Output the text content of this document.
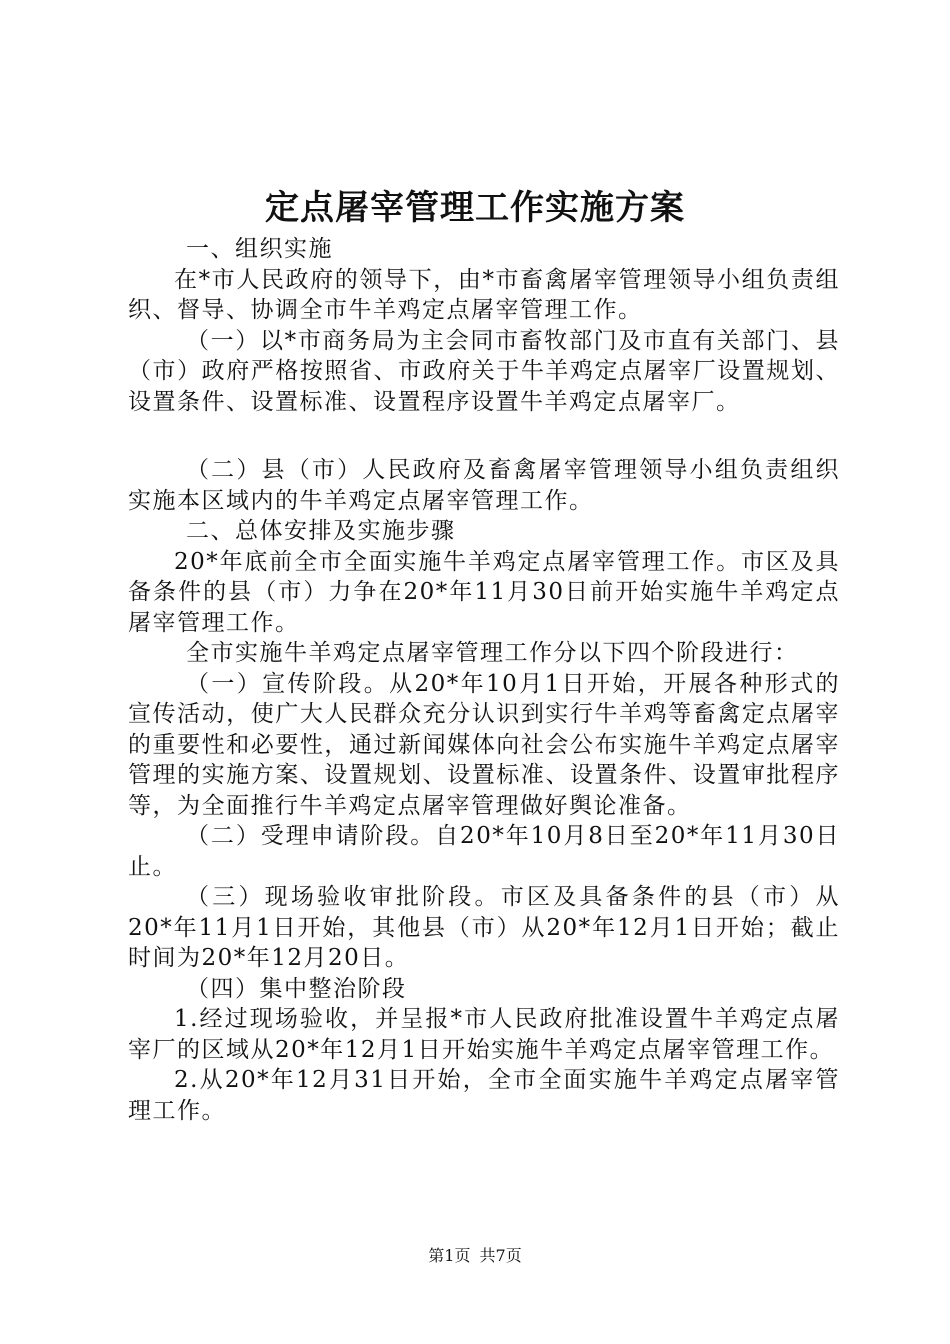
定点屠宰管理工作实施方案

一、组织实施

在*市人民政府的领导下，由*市畜禽屠宰管理领导小组负责组织、督导、协调全市牛羊鸡定点屠宰管理工作。

（一）以*市商务局为主会同市畜牧部门及市直有关部门、县（市）政府严格按照省、市政府关于牛羊鸡定点屠宰厂设置规划、设置条件、设置标准、设置程序设置牛羊鸡定点屠宰厂。

（二）县（市）人民政府及畜禽屠宰管理领导小组负责组织实施本区域内的牛羊鸡定点屠宰管理工作。

二、总体安排及实施步骤

20*年底前全市全面实施牛羊鸡定点屠宰管理工作。市区及具备条件的县（市）力争在20*年11月30日前开始实施牛羊鸡定点屠宰管理工作。

全市实施牛羊鸡定点屠宰管理工作分以下四个阶段进行：

（一）宣传阶段。从20*年10月1日开始，开展各种形式的宣传活动，使广大人民群众充分认识到实行牛羊鸡等畜禽定点屠宰的重要性和必要性，通过新闻媒体向社会公布实施牛羊鸡定点屠宰管理的实施方案、设置规划、设置标准、设置条件、设置审批程序等，为全面推行牛羊鸡定点屠宰管理做好舆论准备。

（二）受理申请阶段。自20*年10月8日至20*年11月30日止。

（三）现场验收审批阶段。市区及具备条件的县（市）从20*年11月1日开始，其他县（市）从20*年12月1日开始；截止时间为20*年12月20日。

（四）集中整治阶段

1.经过现场验收，并呈报*市人民政府批准设置牛羊鸡定点屠宰厂的区域从20*年12月1日开始实施牛羊鸡定点屠宰管理工作。

2.从20*年12月31日开始，全市全面实施牛羊鸡定点屠宰管理工作。

第1页 共7页
